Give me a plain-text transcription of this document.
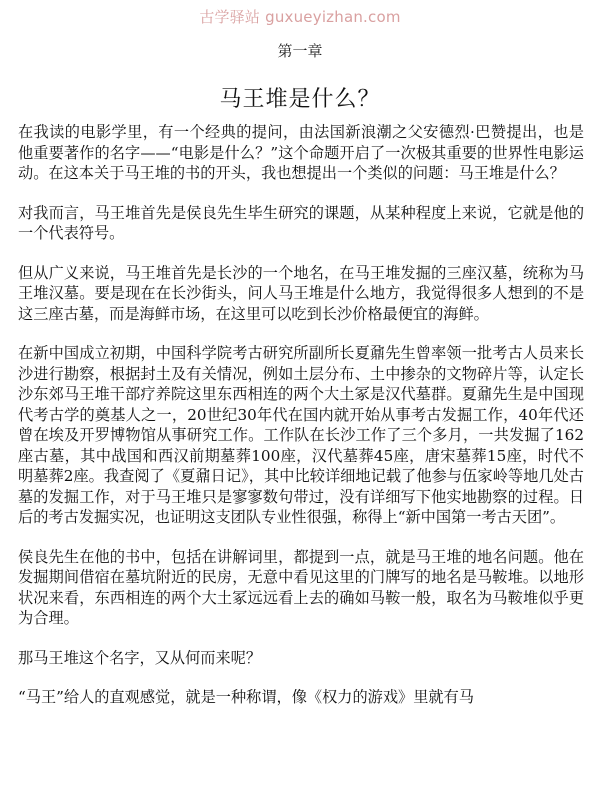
古学驿站 guxueyizhan.com
第一章
马王堆是什么？

在我读的电影学里，有一个经典的提问，由法国新浪潮之父安德烈·巴赞提出，也是他重要著作的名字——“电影是什么？”这个命题开启了一次极其重要的世界性电影运动。在这本关于马王堆的书的开头，我也想提出一个类似的问题：马王堆是什么？

对我而言，马王堆首先是侯良先生毕生研究的课题，从某种程度上来说，它就是他的一个代表符号。

但从广义来说，马王堆首先是长沙的一个地名，在马王堆发掘的三座汉墓，统称为马王堆汉墓。要是现在在长沙街头，问人马王堆是什么地方，我觉得很多人想到的不是这三座古墓，而是海鲜市场，在这里可以吃到长沙价格最便宜的海鲜。

在新中国成立初期，中国科学院考古研究所副所长夏鼐先生曾率领一批考古人员来长沙进行勘察，根据封土及有关情况，例如土层分布、土中掺杂的文物碎片等，认定长沙东郊马王堆干部疗养院这里东西相连的两个大土冢是汉代墓群。夏鼐先生是中国现代考古学的奠基人之一，20世纪30年代在国内就开始从事考古发掘工作，40年代还曾在埃及开罗博物馆从事研究工作。工作队在长沙工作了三个多月，一共发掘了162座古墓，其中战国和西汉前期墓葬100座，汉代墓葬45座，唐宋墓葬15座，时代不明墓葬2座。我查阅了《夏鼐日记》，其中比较详细地记载了他参与伍家岭等地几处古墓的发掘工作，对于马王堆只是寥寥数句带过，没有详细写下他实地勘察的过程。日后的考古发掘实况，也证明这支团队专业性很强，称得上“新中国第一考古天团”。

侯良先生在他的书中，包括在讲解词里，都提到一点，就是马王堆的地名问题。他在发掘期间借宿在墓坑附近的民房，无意中看见这里的门牌写的地名是马鞍堆。以地形状况来看，东西相连的两个大土冢远远看上去的确如马鞍一般，取名为马鞍堆似乎更为合理。

那马王堆这个名字，又从何而来呢？

“马王”给人的直观感觉，就是一种称谓，像《权力的游戏》里就有马
